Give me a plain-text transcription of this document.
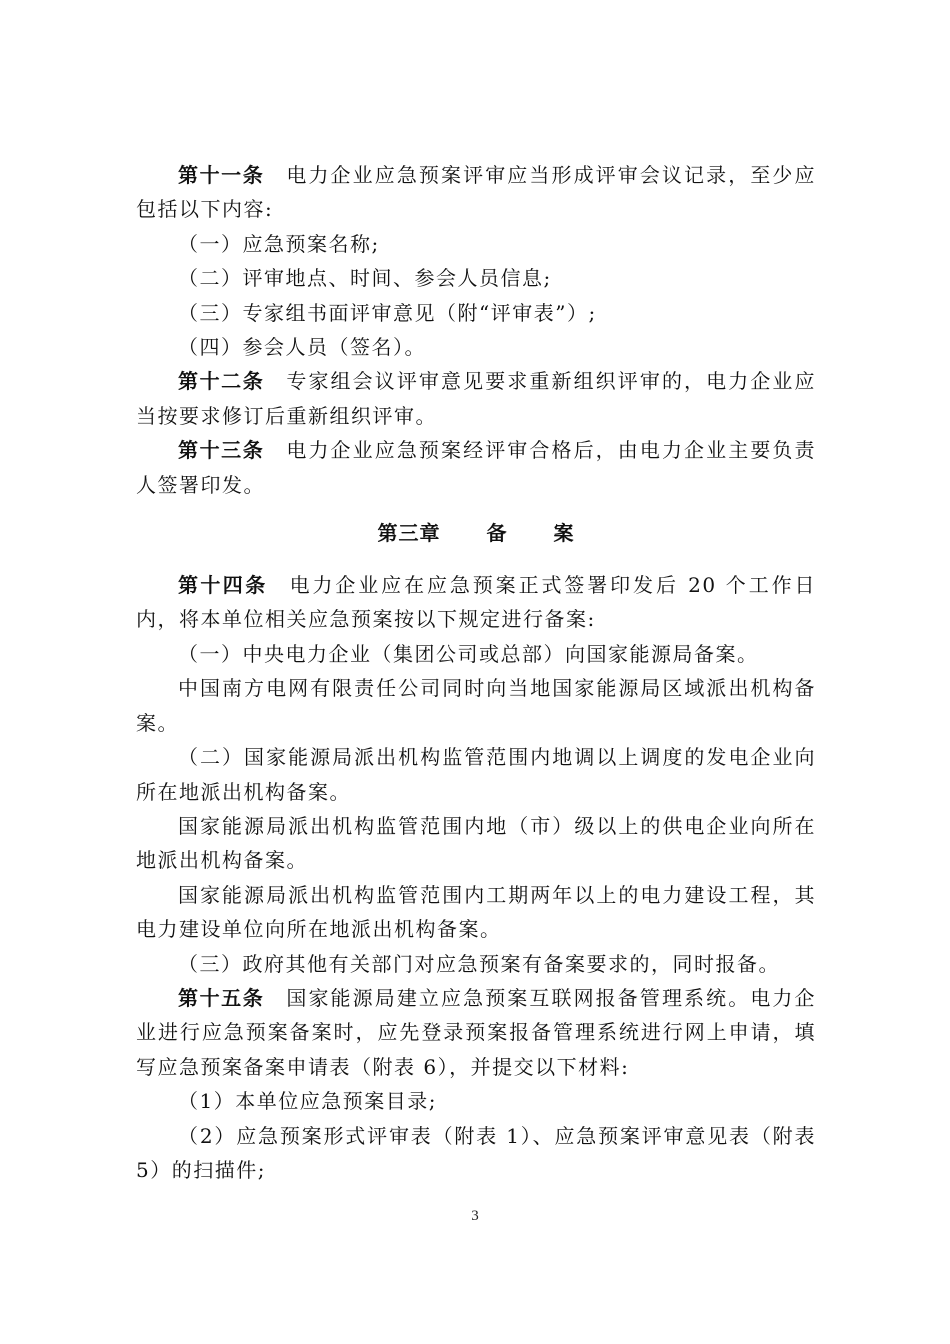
第十一条 电力企业应急预案评审应当形成评审会议记录，至少应包括以下内容:

（一）应急预案名称;

（二）评审地点、时间、参会人员信息;

（三）专家组书面评审意见（附“评审表”）;

（四）参会人员（签名）。

第十二条 专家组会议评审意见要求重新组织评审的，电力企业应当按要求修订后重新组织评审。

第十三条 电力企业应急预案经评审合格后，由电力企业主要负责人签署印发。

第三章 备 案

第十四条 电力企业应在应急预案正式签署印发后 20 个工作日内，将本单位相关应急预案按以下规定进行备案:

（一）中央电力企业（集团公司或总部）向国家能源局备案。

中国南方电网有限责任公司同时向当地国家能源局区域派出机构备案。

（二）国家能源局派出机构监管范围内地调以上调度的发电企业向所在地派出机构备案。

国家能源局派出机构监管范围内地（市）级以上的供电企业向所在地派出机构备案。

国家能源局派出机构监管范围内工期两年以上的电力建设工程，其电力建设单位向所在地派出机构备案。

（三）政府其他有关部门对应急预案有备案要求的，同时报备。

第十五条 国家能源局建立应急预案互联网报备管理系统。电力企业进行应急预案备案时，应先登录预案报备管理系统进行网上申请，填写应急预案备案申请表（附表 6），并提交以下材料:

（1）本单位应急预案目录;

（2）应急预案形式评审表（附表 1）、应急预案评审意见表（附表 5）的扫描件;

3
